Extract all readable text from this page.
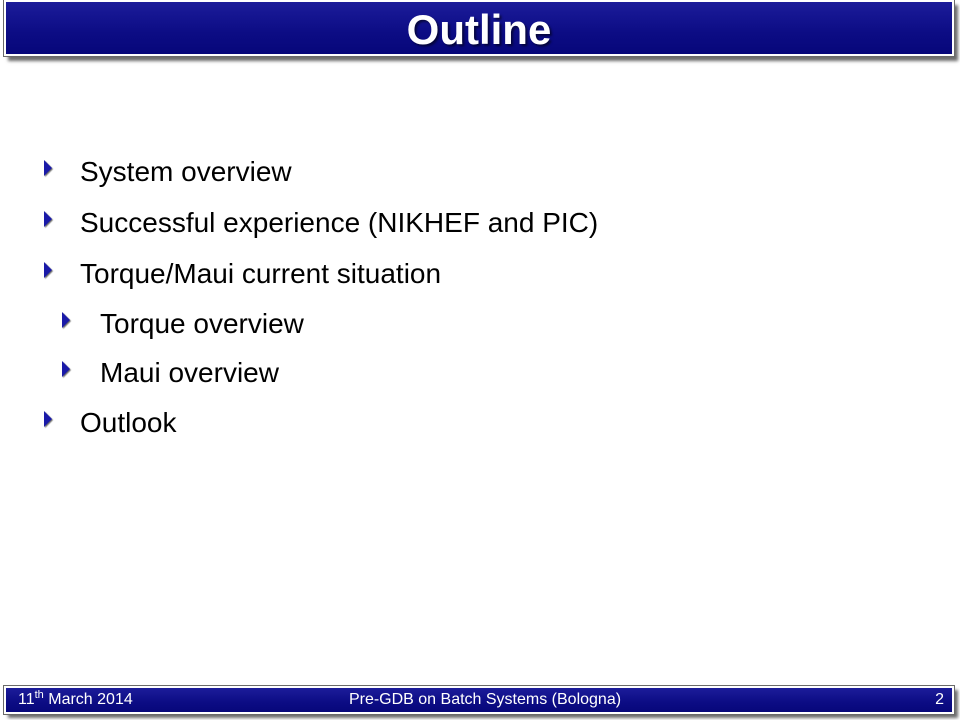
Outline
System overview
Successful experience (NIKHEF and PIC)
Torque/Maui current situation
Torque overview
Maui overview
Outlook
11th March 2014	Pre-GDB on Batch Systems (Bologna)	2
